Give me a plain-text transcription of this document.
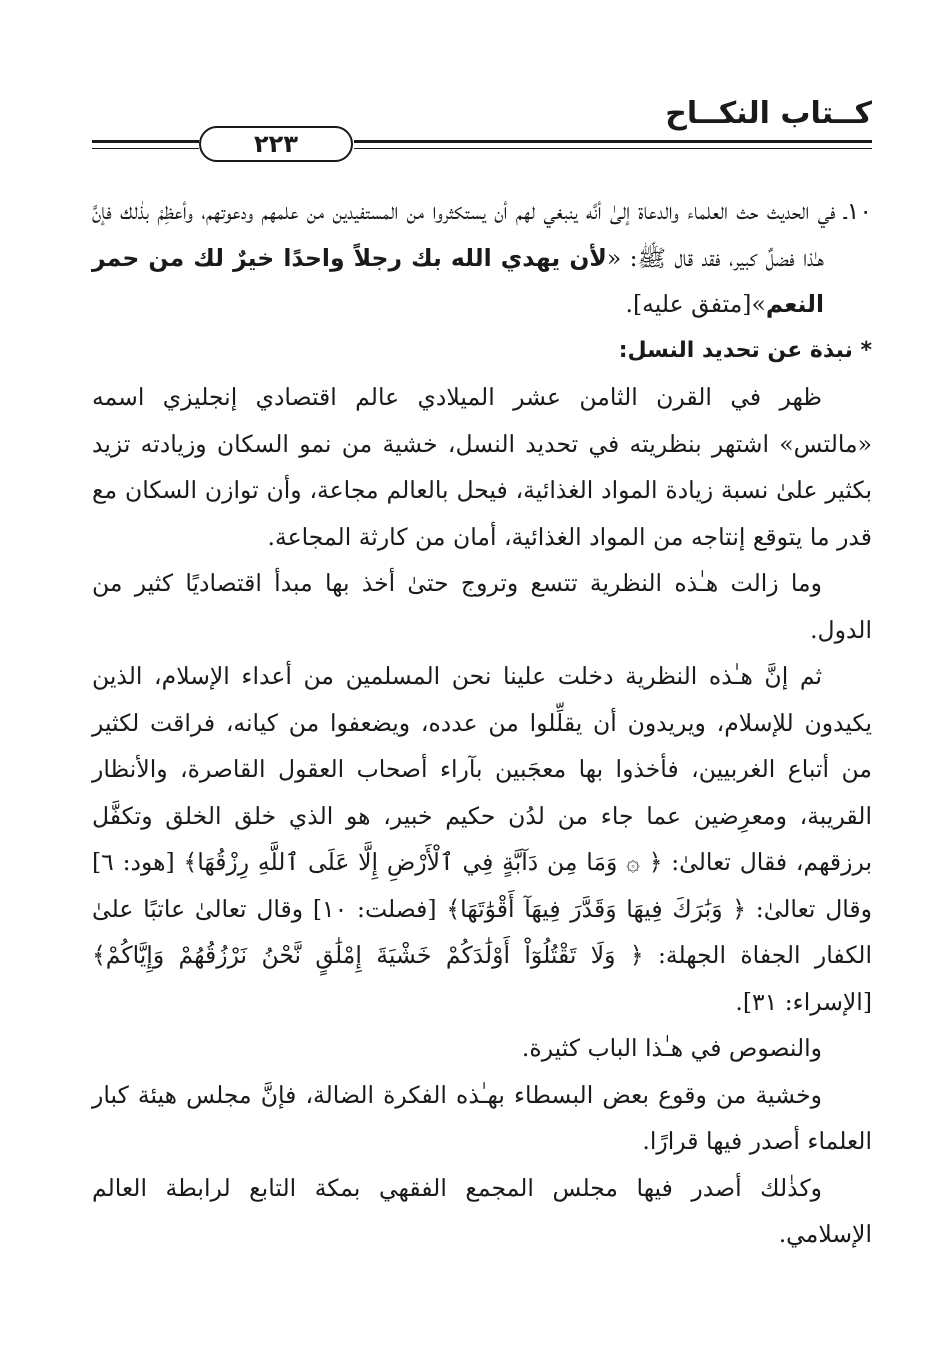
كــتاب النكــاح
٢٢٣

١٠ـ في الحديث حث العلماء والدعاة إلىٰ أنَّه ينبغي لهم أن يستكثروا من المستفيدين من علمهم ودعوتهم، وأعظِمْ بذٰلك فإنَّ هـٰذا فضلٌ كبير، فقد قال ﷺ: «لأن يهدي الله بك رجلاً واحدًا خيرٌ لك من حمر النعم»[متفق عليه].

* نبذة عن تحديد النسل:

ظهر في القرن الثامن عشر الميلادي عالم اقتصادي إنجليزي اسمه «مالتس» اشتهر بنظريته في تحديد النسل، خشية من نمو السكان وزيادته تزيد بكثير علىٰ نسبة زيادة المواد الغذائية، فيحل بالعالم مجاعة، وأن توازن السكان مع قدر ما يتوقع إنتاجه من المواد الغذائية، أمان من كارثة المجاعة.

وما زالت هـٰذه النظرية تتسع وتروج حتىٰ أخذ بها مبدأ اقتصاديًا كثير من الدول.

ثم إنَّ هـٰذه النظرية دخلت علينا نحن المسلمين من أعداء الإسلام، الذين يكيدون للإسلام، ويريدون أن يقلِّلوا من عدده، ويضعفوا من كيانه، فراقت لكثير من أتباع الغربيين، فأخذوا بها معجَبين بآراء أصحاب العقول القاصرة، والأنظار القريبة، ومعرِضين عما جاء من لدُن حكيم خبير، هو الذي خلق الخلق وتكفَّل برزقهم، فقال تعالىٰ: ﴿ ۞ وَمَا مِن دَآبَّةٍ فِي ٱلْأَرْضِ إِلَّا عَلَى ٱللَّهِ رِزْقُهَا﴾ [هود: ٦] وقال تعالىٰ: ﴿ وَبَٰرَكَ فِيهَا وَقَدَّرَ فِيهَآ أَقْوَٰتَهَا﴾ [فصلت: ١٠] وقال تعالىٰ عاتبًا علىٰ الكفار الجفاة الجهلة: ﴿ وَلَا تَقْتُلُوٓاْ أَوْلَٰدَكُمْ خَشْيَةَ إِمْلَٰقٍ نَّحْنُ نَرْزُقُهُمْ وَإِيَّاكُمْ﴾ [الإسراء: ٣١].

والنصوص في هـٰذا الباب كثيرة.

وخشية من وقوع بعض البسطاء بهـٰذه الفكرة الضالة، فإنَّ مجلس هيئة كبار العلماء أصدر فيها قرارًا.

وكذٰلك أصدر فيها مجلس المجمع الفقهي بمكة التابع لرابطة العالم الإسلامي.
